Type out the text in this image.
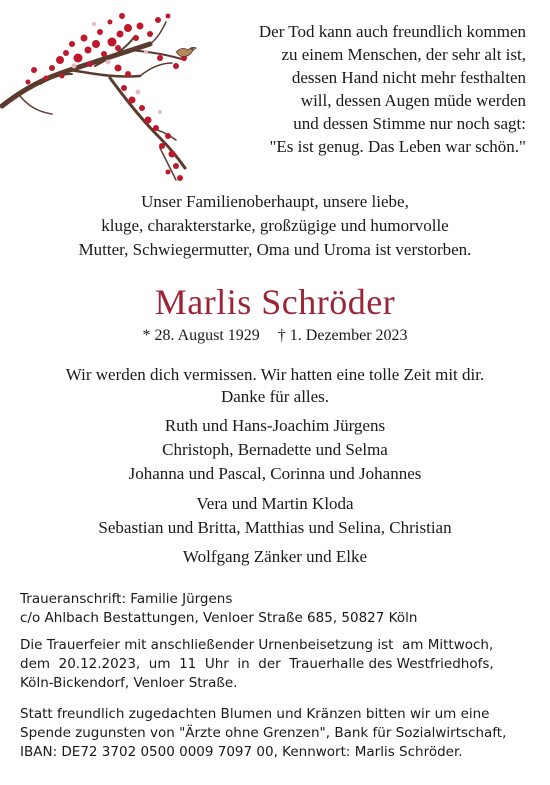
Der Tod kann auch freundlich kommen
zu einem Menschen, der sehr alt ist,
dessen Hand nicht mehr festhalten
will, dessen Augen müde werden
und dessen Stimme nur noch sagt:
"Es ist genug. Das Leben war schön."
Unser Familienoberhaupt, unsere liebe,
kluge, charakterstarke, großzügige und humorvolle
Mutter, Schwiegermutter, Oma und Uroma ist verstorben.
Marlis Schröder
* 28. August 1929 † 1. Dezember 2023
Wir werden dich vermissen. Wir hatten eine tolle Zeit mit dir.
Danke für alles.
Ruth und Hans-Joachim Jürgens
Christoph, Bernadette und Selma
Johanna und Pascal, Corinna und Johannes
Vera und Martin Kloda
Sebastian und Britta, Matthias und Selina, Christian
Wolfgang Zänker und Elke
Traueranschrift: Familie Jürgens
c/o Ahlbach Bestattungen, Venloer Straße 685, 50827 Köln
Die Trauerfeier mit anschließender Urnenbeisetzung ist  am Mittwoch,
dem  20.12.2023,  um  11  Uhr  in  der  Trauerhalle des Westfriedhofs,
Köln-Bickendorf, Venloer Straße.
Statt freundlich zugedachten Blumen und Kränzen bitten wir um eine
Spende zugunsten von "Ärzte ohne Grenzen", Bank für Sozialwirtschaft,
IBAN: DE72 3702 0500 0009 7097 00, Kennwort: Marlis Schröder.
